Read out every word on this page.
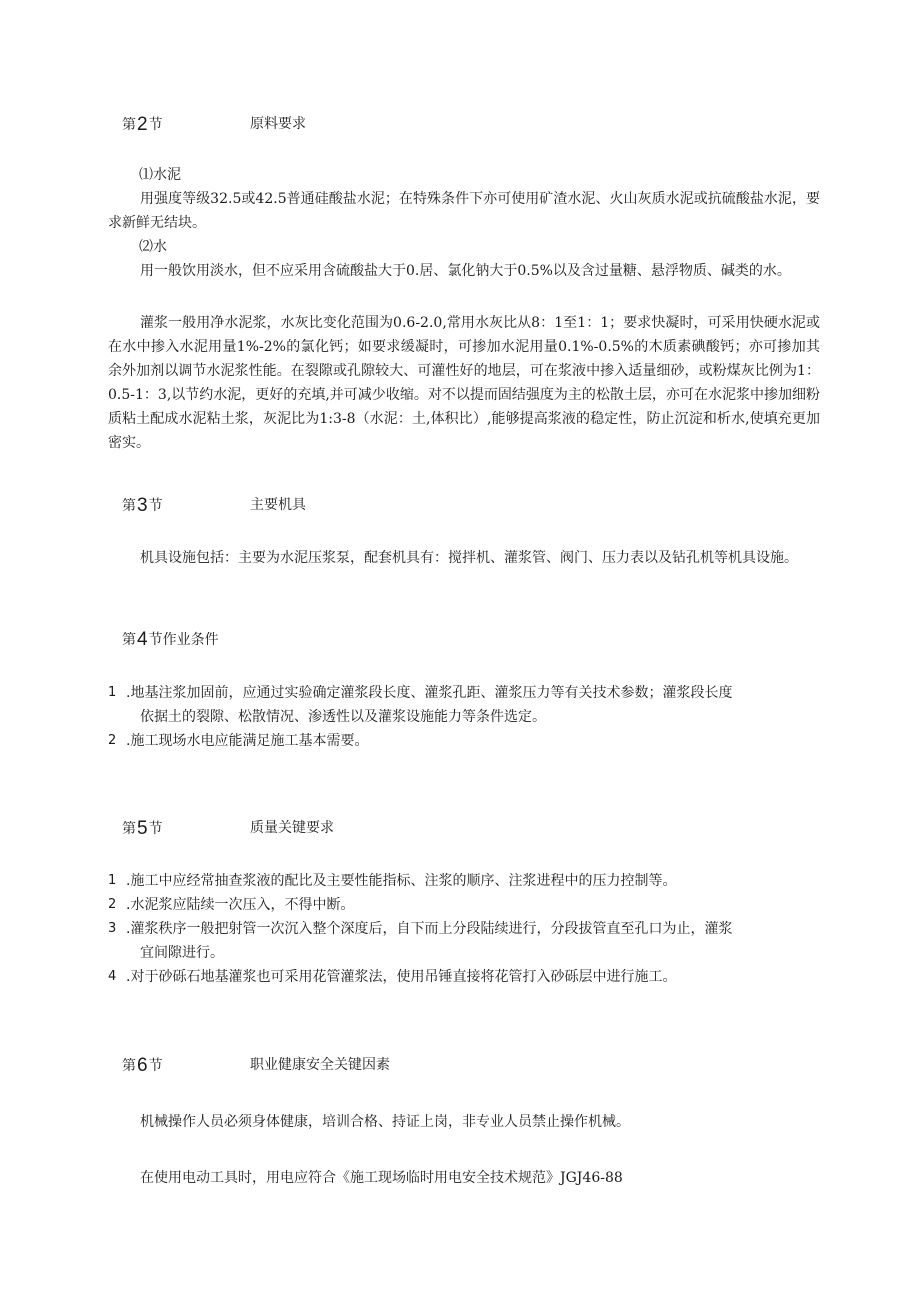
第2节	原料要求
⑴水泥
用强度等级32.5或42.5普通硅酸盐水泥；在特殊条件下亦可使用矿渣水泥、火山灰质水泥或抗硫酸盐水泥，要求新鲜无结块。
⑵水
用一般饮用淡水，但不应采用含硫酸盐大于0.居、氯化钠大于0.5%以及含过量糖、悬浮物质、碱类的水。
灌浆一般用净水泥浆，水灰比变化范围为0.6-2.0,常用水灰比从8：1至1：1；要求快凝时，可采用快硬水泥或在水中掺入水泥用量1%-2%的氯化钙；如要求缓凝时，可掺加水泥用量0.1%-0.5%的木质素碘酸钙；亦可掺加其余外加剂以调节水泥浆性能。在裂隙或孔隙较大、可灌性好的地层，可在浆液中掺入适量细砂，或粉煤灰比例为1：0.5-1：3,以节约水泥，更好的充填,并可减少收缩。对不以提而固结强度为主的松散土层，亦可在水泥浆中掺加细粉质粘土配成水泥粘土浆，灰泥比为1:3-8（水泥：土,体积比）,能够提高浆液的稳定性，防止沉淀和析水,使填充更加密实。
第3节	主要机具
机具设施包括：主要为水泥压浆泵，配套机具有：搅拌机、灌浆管、阀门、压力表以及钻孔机等机具设施。
第4节作业条件
1 .地基注浆加固前，应通过实验确定灌浆段长度、灌浆孔距、灌浆压力等有关技术参数；灌浆段长度
依据土的裂隙、松散情况、渗透性以及灌浆设施能力等条件选定。
2 .施工现场水电应能满足施工基本需要。
第5节	质量关键要求
1 .施工中应经常抽查浆液的配比及主要性能指标、注浆的顺序、注浆进程中的压力控制等。
2 .水泥浆应陆续一次压入，不得中断。
3 .灌浆秩序一般把射管一次沉入整个深度后，自下而上分段陆续进行，分段拔管直至孔口为止，灌浆
宜间隙进行。
4 .对于砂砾石地基灌浆也可采用花管灌浆法，使用吊锤直接将花管打入砂砾层中进行施工。
第6节	职业健康安全关键因素
机械操作人员必须身体健康，培训合格、持证上岗，非专业人员禁止操作机械。
在使用电动工具时，用电应符合《施工现场临时用电安全技术规范》JGJ46-88
